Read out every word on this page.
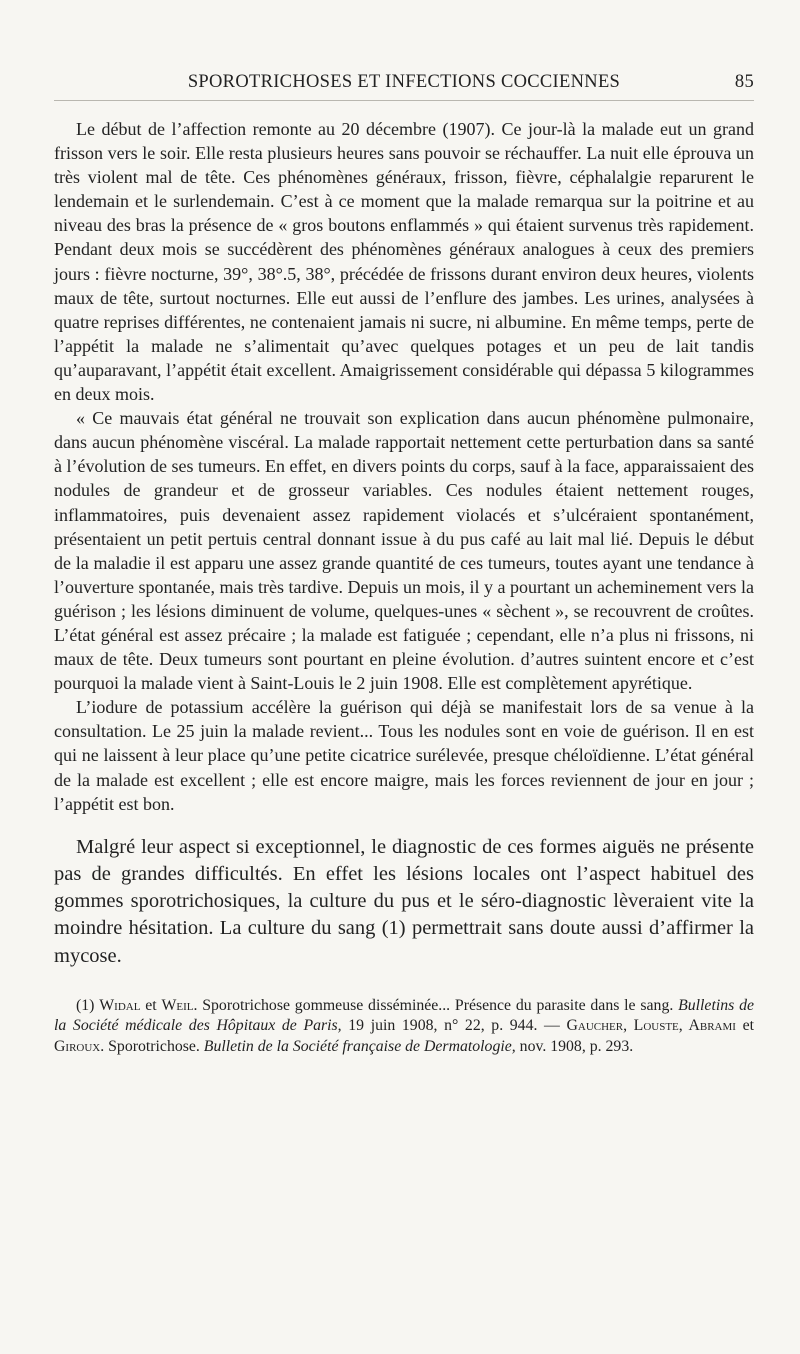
SPOROTRICHOSES ET INFECTIONS COCCIENNES	85

Le début de l’affection remonte au 20 décembre (1907). Ce jour-là la malade eut un grand frisson vers le soir. Elle resta plusieurs heures sans pouvoir se réchauffer. La nuit elle éprouva un très violent mal de tête. Ces phénomènes généraux, frisson, fièvre, céphalalgie reparurent le lendemain et le surlendemain. C’est à ce moment que la malade remarqua sur la poitrine et au niveau des bras la présence de « gros boutons enflammés » qui étaient survenus très rapidement. Pendant deux mois se succédèrent des phénomènes généraux analogues à ceux des premiers jours : fièvre nocturne, 39°, 38°.5, 38°, précédée de frissons durant environ deux heures, violents maux de tête, surtout nocturnes. Elle eut aussi de l’enflure des jambes. Les urines, analysées à quatre reprises différentes, ne contenaient jamais ni sucre, ni albumine. En même temps, perte de l’appétit la malade ne s’alimentait qu’avec quelques potages et un peu de lait tandis qu’auparavant, l’appétit était excellent. Amaigrissement considérable qui dépassa 5 kilogrammes en deux mois.

« Ce mauvais état général ne trouvait son explication dans aucun phénomène pulmonaire, dans aucun phénomène viscéral. La malade rapportait nettement cette perturbation dans sa santé à l’évolution de ses tumeurs. En effet, en divers points du corps, sauf à la face, apparaissaient des nodules de grandeur et de grosseur variables. Ces nodules étaient nettement rouges, inflammatoires, puis devenaient assez rapidement violacés et s’ulcéraient spontanément, présentaient un petit pertuis central donnant issue à du pus café au lait mal lié. Depuis le début de la maladie il est apparu une assez grande quantité de ces tumeurs, toutes ayant une tendance à l’ouverture spontanée, mais très tardive. Depuis un mois, il y a pourtant un acheminement vers la guérison ; les lésions diminuent de volume, quelques-unes « sèchent », se recouvrent de croûtes. L’état général est assez précaire ; la malade est fatiguée ; cependant, elle n’a plus ni frissons, ni maux de tête. Deux tumeurs sont pourtant en pleine évolution. d’autres suintent encore et c’est pourquoi la malade vient à Saint-Louis le 2 juin 1908. Elle est complètement apyrétique.

L’iodure de potassium accélère la guérison qui déjà se manifestait lors de sa venue à la consultation. Le 25 juin la malade revient... Tous les nodules sont en voie de guérison. Il en est qui ne laissent à leur place qu’une petite cicatrice surélevée, presque chéloïdienne. L’état général de la malade est excellent ; elle est encore maigre, mais les forces reviennent de jour en jour ; l’appétit est bon.

Malgré leur aspect si exceptionnel, le diagnostic de ces formes aiguës ne présente pas de grandes difficultés. En effet les lésions locales ont l’aspect habituel des gommes sporotrichosiques, la culture du pus et le séro-diagnostic lèveraient vite la moindre hésitation. La culture du sang (1) permettrait sans doute aussi d’affirmer la mycose.

(1) Widal et Weil. Sporotrichose gommeuse disséminée... Présence du parasite dans le sang. Bulletins de la Société médicale des Hôpitaux de Paris, 19 juin 1908, n° 22, p. 944. — Gaucher, Louste, Abrami et Giroux. Sporotrichose. Bulletin de la Société française de Dermatologie, nov. 1908, p. 293.
